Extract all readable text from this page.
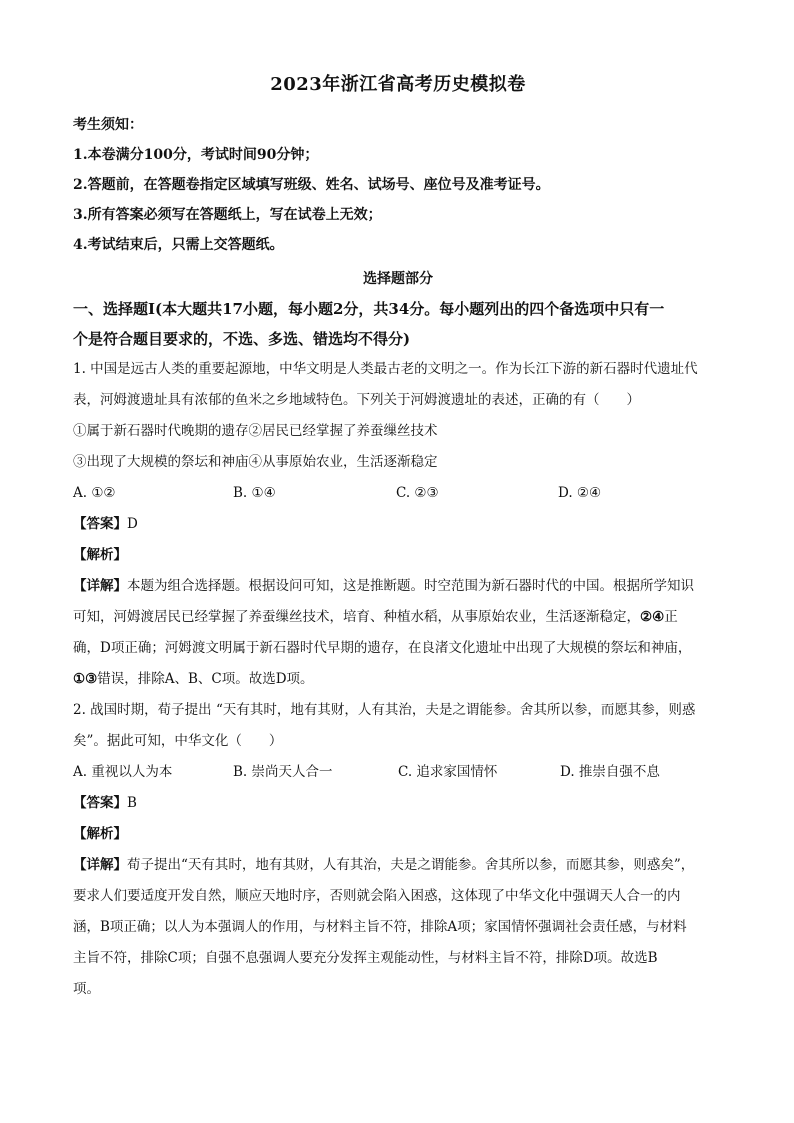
2023年浙江省高考历史模拟卷

考生须知：

1.本卷满分100分，考试时间90分钟；

2.答题前，在答题卷指定区域填写班级、姓名、试场号、座位号及准考证号。

3.所有答案必须写在答题纸上，写在试卷上无效；

4.考试结束后，只需上交答题纸。

选择题部分

一、选择题Ⅰ(本大题共17小题，每小题2分，共34分。每小题列出的四个备选项中只有一

个是符合题目要求的，不选、多选、错选均不得分)

1. 中国是远古人类的重要起源地，中华文明是人类最古老的文明之一。作为长江下游的新石器时代遗址代

表，河姆渡遗址具有浓郁的鱼米之乡地域特色。下列关于河姆渡遗址的表述，正确的有（　　）

①属于新石器时代晚期的遗存②居民已经掌握了养蚕缫丝技术

③出现了大规模的祭坛和神庙④从事原始农业，生活逐渐稳定

A. ①②	B. ①④	C. ②③	D. ②④

【答案】D

【解析】

【详解】本题为组合选择题。根据设问可知，这是推断题。时空范围为新石器时代的中国。根据所学知识

可知，河姆渡居民已经掌握了养蚕缫丝技术，培育、种植水稻，从事原始农业，生活逐渐稳定，②④正

确，D项正确；河姆渡文明属于新石器时代早期的遗存，在良渚文化遗址中出现了大规模的祭坛和神庙，

①③错误，排除A、B、C项。故选D项。

2. 战国时期，荀子提出 “天有其时，地有其财，人有其治，夫是之谓能参。舍其所以参，而愿其参，则惑

矣”。据此可知，中华文化（　　）

A. 重视以人为本	B. 崇尚天人合一	C. 追求家国情怀	D. 推崇自强不息

【答案】B

【解析】

【详解】荀子提出“天有其时，地有其财，人有其治，夫是之谓能参。舍其所以参，而愿其参，则惑矣”，

要求人们要适度开发自然，顺应天地时序，否则就会陷入困惑，这体现了中华文化中强调天人合一的内

涵，B项正确；以人为本强调人的作用，与材料主旨不符，排除A项；家国情怀强调社会责任感，与材料

主旨不符，排除C项；自强不息强调人要充分发挥主观能动性，与材料主旨不符，排除D项。故选B

项。
